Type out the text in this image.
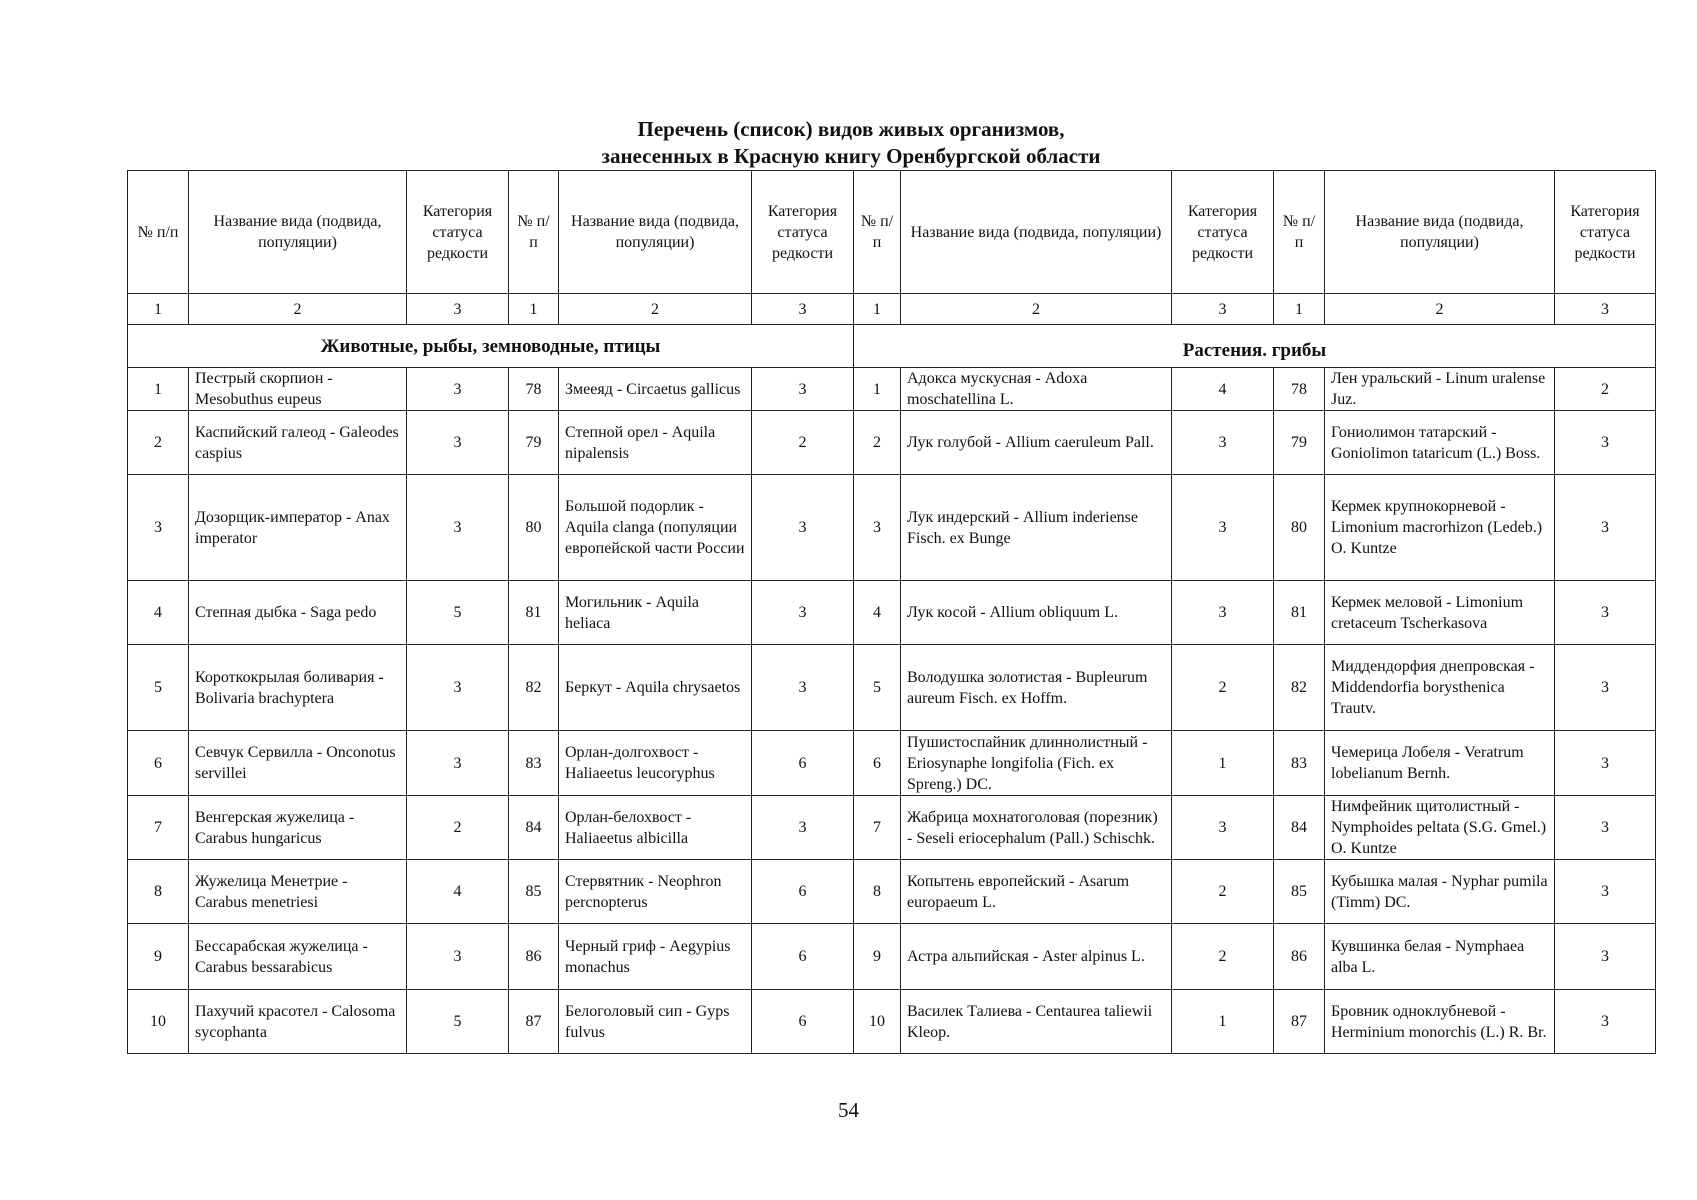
Перечень (список) видов живых организмов,
занесенных в Красную книгу Оренбургской области
№ п/п	Название вида (подвида, популяции)	Категория статуса редкости	№ п/п	Название вида (подвида, популяции)	Категория статуса редкости	№ п/п	Название вида (подвида, популяции)	Категория статуса редкости	№ п/п	Название вида (подвида, популяции)	Категория статуса редкости
1	2	3	1	2	3	1	2	3	1	2	3
Животные, рыбы, земноводные, птицы						Растения. грибы					
1	Пестрый скорпион - Mesobuthus eupeus	3	78	Змееяд - Circaetus gallicus	3	1	Адокса мускусная - Adoxa moschatellina L.	4	78	Лен уральский - Linum uralense Juz.	2
2	Каспийский галеод - Galeodes caspius	3	79	Степной орел - Aquila nipalensis	2	2	Лук голубой - Allium caeruleum Pall.	3	79	Гониолимон татарский - Goniolimon tataricum (L.) Boss.	3
3	Дозорщик-император - Anax imperator	3	80	Большой подорлик - Aquila clanga (популяции европейской части России	3	3	Лук индерский - Allium inderiense Fisch. ex Bunge	3	80	Кермек крупнокорневой - Limonium macrorhizon (Ledeb.) O. Kuntze	3
4	Степная дыбка - Saga pedo	5	81	Могильник - Aquila heliaca	3	4	Лук косой - Allium obliquum L.	3	81	Кермек меловой - Limonium cretaceum Tscherkasova	3
5	Короткокрылая боливария - Bolivaria brachyptera	3	82	Беркут - Aquila chrysaetos	3	5	Володушка золотистая - Bupleurum aureum Fisch. ex Hoffm.	2	82	Миддендорфия днепровская - Middendorfia borysthenica Trautv.	3
6	Севчук Сервилла - Onconotus servillei	3	83	Орлан-долгохвост - Haliaeetus leucoryphus	6	6	Пушистоспайник длиннолистный - Eriosynaphe longifolia (Fich. ex Spreng.) DC.	1	83	Чемерица Лобеля - Veratrum lobelianum Bernh.	3
7	Венгерская жужелица - Carabus hungaricus	2	84	Орлан-белохвост - Haliaeetus albicilla	3	7	Жабрица мохнатоголовая (порезник) - Seseli eriocephalum (Pall.) Schischk.	3	84	Нимфейник щитолистный - Nymphoides peltata (S.G. Gmel.) O. Kuntze	3
8	Жужелица Менетрие - Carabus menetriesi	4	85	Стервятник - Neophron percnopterus	6	8	Копытень европейский - Asarum europaeum L.	2	85	Кубышка малая - Nyphar pumila (Timm) DC.	3
9	Бессарабская жужелица - Carabus bessarabicus	3	86	Черный гриф - Aegypius monachus	6	9	Астра альпийская - Aster alpinus L.	2	86	Кувшинка белая - Nymphaea alba L.	3
10	Пахучий красотел - Calosoma sycophanta	5	87	Белоголовый сип - Gyps fulvus	6	10	Василек Талиева - Centaurea taliewii Kleop.	1	87	Бровник одноклубневой - Herminium monorchis (L.) R. Br.	3
54
